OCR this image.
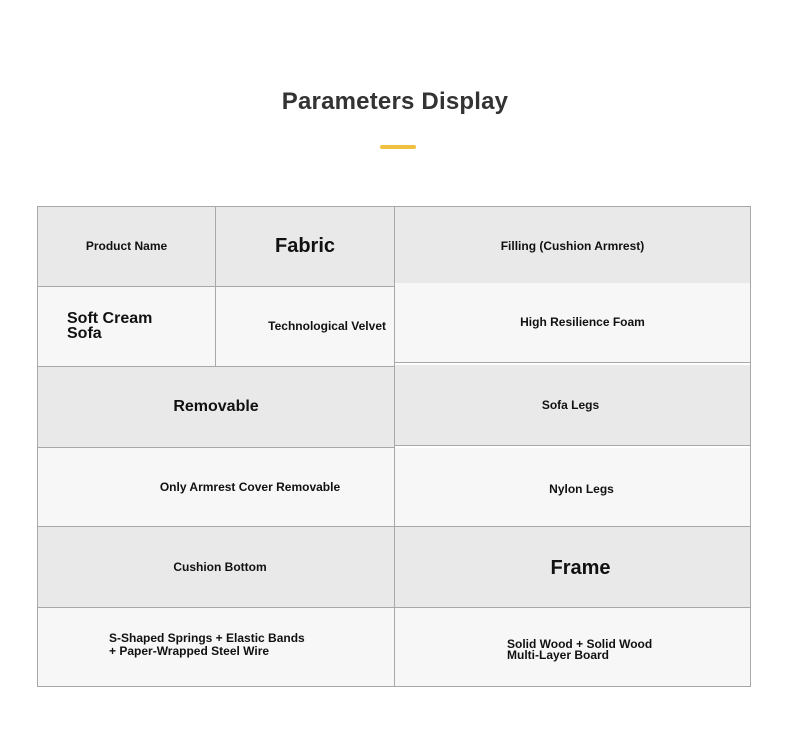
Parameters Display
Product Name	Fabric	Filling (Cushion Armrest)
Soft Cream Sofa	Technological Velvet	High Resilience Foam
Removable	Sofa Legs
Only Armrest Cover Removable	Nylon Legs
Cushion Bottom	Frame
S-Shaped Springs + Elastic Bands + Paper-Wrapped Steel Wire	Solid Wood + Solid Wood Multi-Layer Board
